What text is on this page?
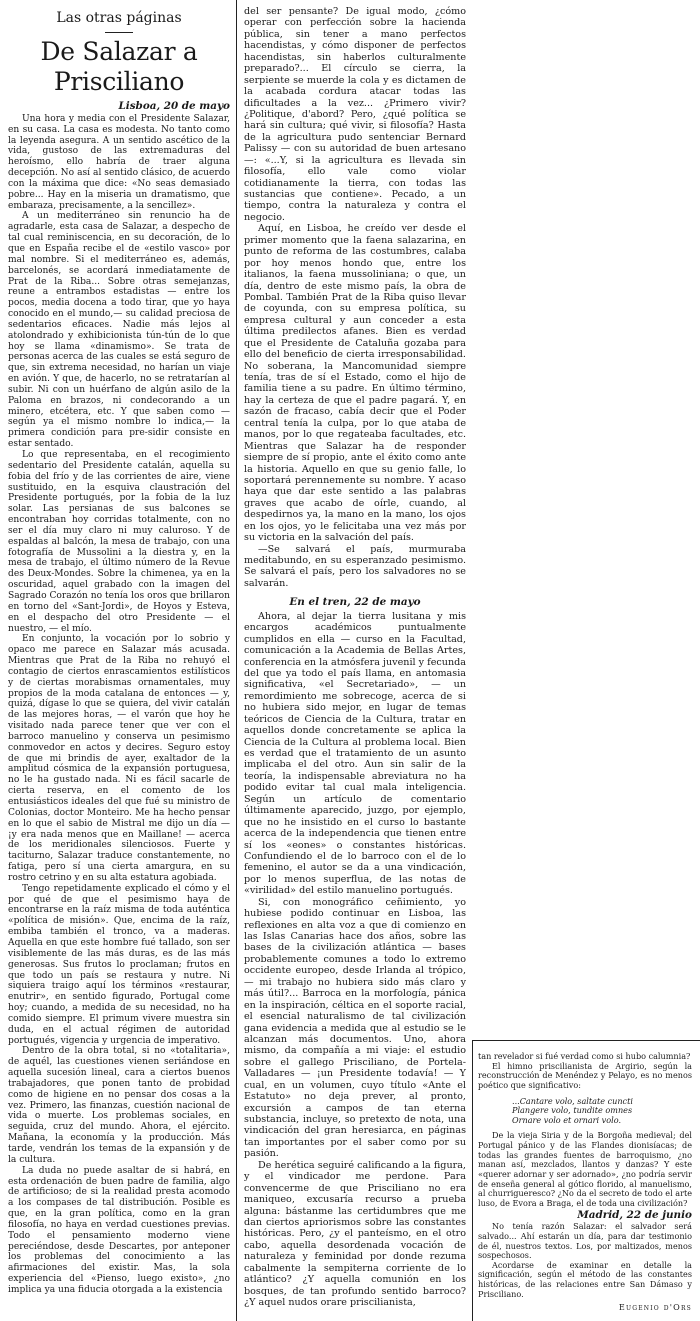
Las otras páginas
De Salazar a Prisciliano
Lisboa, 20 de mayo

Una hora y media con el Presidente Salazar, en su casa. La casa es modesta. No tanto como la leyenda asegura. A un sentido ascético de la vida, gustoso de las extremaduras del heroísmo, ello habría de traer alguna decepción. No así al sentido clásico, de acuerdo con la máxima que dice: «No seas demasiado pobre... Hay en la miseria un dramatismo, que embaraza, precisamente, a la sencillez».

A un mediterráneo sin renuncio ha de agradarle, esta casa de Salazar, a despecho de tal cual reminiscencia, en su decoración, de lo que en España recibe el de «estilo vasco» por mal nombre. Si el mediterráneo es, además, barcelonés, se acordará inmediatamente de Prat de la Riba... Sobre otras semejanzas, reune a entrambos estadistas — entre los pocos, media docena a todo tirar, que yo haya conocido en el mundo,— su calidad preciosa de sedentarios eficaces. Nadie más lejos al atolondrado y exhibicionista tún-tún de lo que hoy se llama «dinamismo». Se trata de personas acerca de las cuales se está seguro de que, sin extrema necesidad, no harían un viaje en avión. Y que, de hacerlo, no se retratarían al subir. Ni con un huérfano de algún asilo de la Paloma en brazos, ni condecorando a un minero, etcétera, etc. Y que saben como — según ya el mismo nombre lo indica,— la primera condición para pre-sidir consiste en estar sentado.

Lo que representaba, en el recogimiento sedentario del Presidente catalán, aquella su fobia del frío y de las corrientes de aire, viene sustituido, en la esquiva claustración del Presidente portugués, por la fobia de la luz solar. Las persianas de sus balcones se encontraban hoy corridas totalmente, con no ser el día muy claro ni muy caluroso. Y de espaldas al balcón, la mesa de trabajo, con una fotografía de Mussolini a la diestra y, en la mesa de trabajo, el último número de la Revue des Deux-Mondes. Sobre la chimenea, ya en la oscuridad, aquel grabado con la imagen del Sagrado Corazón no tenía los oros que brillaron en torno del «Sant-Jordi», de Hoyos y Esteva, en el despacho del otro Presidente — el nuestro, — el mío.

En conjunto, la vocación por lo sobrio y opaco me parece en Salazar más acusada. Mientras que Prat de la Riba no rehuyó el contagio de ciertos enrascamientos estilísticos y de ciertas morabismas ornamentales, muy propios de la moda catalana de entonces — y, quizá, dígase lo que se quiera, del vivir catalán de las mejores horas, — el varón que hoy he visitado nada parece tener que ver con el barroco manuelino y conserva un pesimismo conmovedor en actos y decires. Seguro estoy de que mi brindis de ayer, exaltador de la amplitud cósmica de la expansión portuguesa, no le ha gustado nada. Ni es fácil sacarle de cierta reserva, en el comento de los entusiásticos ideales del que fué su ministro de Colonias, doctor Monteiro. Me ha hecho pensar en lo que el sabio de Mistral me dijo un día — ¡y era nada menos que en Maillane! — acerca de los meridionales silenciosos. Fuerte y taciturno, Salazar traduce constantemente, no fatiga, pero sí una cierta amargura, en su rostro cetrino y en su alta estatura agobiada.

Tengo repetidamente explicado el cómo y el por qué de que el pesimismo haya de encontrarse en la raíz misma de toda auténtica «política de misión». Que, encima de la raíz, embiba también el tronco, va a maderas. Aquella en que este hombre fué tallado, son ser visiblemente de las más duras, es de las más generosas. Sus frutos lo proclaman; frutos en que todo un país se restaura y nutre. Ni siquiera traigo aquí los términos «restaurar, enutrir», en sentido figurado, Portugal come hoy; cuando, a medida de su necesidad, no ha comido siempre. El primum vivere muestra sin duda, en el actual régimen de autoridad portugués, vigencia y urgencia de imperativo.

Dentro de la obra total, si no «totalitaria», de aquél, las cuestiones vienen seriándose en aquella sucesión lineal, cara a ciertos buenos trabajadores, que ponen tanto de probidad como de higiene en no pensar dos cosas a la vez. Primero, las finanzas, cuestión nacional de vida o muerte. Los problemas sociales, en seguida, cruz del mundo. Ahora, el ejército. Mañana, la economía y la producción. Más tarde, vendrán los temas de la expansión y de la cultura.

La duda no puede asaltar de si habrá, en esta ordenación de buen padre de familia, algo de artificioso; de si la realidad presta acomodo a los compases de tal distribución. Posible es que, en la gran política, como en la gran filosofía, no haya en verdad cuestiones previas. Todo el pensamiento moderno viene pereciéndose, desde Descartes, por anteponer los problemas del conocimiento a las afirmaciones del existir. Mas, la sola experiencia del «Pienso, luego existo», ¿no implica ya una fiducia otorgada a la existencia

del ser pensante? De igual modo, ¿cómo operar con perfección sobre la hacienda pública, sin tener a mano perfectos hacendistas, y cómo disponer de perfectos hacendistas, sin haberlos culturalmente preparado?... El círculo se cierra, la serpiente se muerde la cola y es dictamen de la acabada cordura atacar todas las dificultades a la vez... ¿Primero vivir? ¿Politique, d'abord? Pero, ¿qué política se hará sin cultura; qué vivir, si filosofía? Hasta de la agricultura pudo sentenciar Bernard Palissy — con su autoridad de buen artesano—: «...Y, si la agricultura es llevada sin filosofía, ello vale como violar cotidianamente la tierra, con todas las sustancias que contiene». Pecado, a un tiempo, contra la naturaleza y contra el negocio.

Aquí, en Lisboa, he creído ver desde el primer momento que la faena salazarina, en punto de reforma de las costumbres, calaba por hoy menos hondo que, entre los italianos, la faena mussoliniana; o que, un día, dentro de este mismo país, la obra de Pombal. También Prat de la Riba quiso llevar de coyunda, con su empresa política, su empresa cultural y aun conceder a esta última predilectos afanes. Bien es verdad que el Presidente de Cataluña gozaba para ello del beneficio de cierta irresponsabilidad. No soberana, la Mancomunidad siempre tenía, tras de sí el Estado, como el hijo de familia tiene a su padre. En último término, hay la certeza de que el padre pagará. Y, en sazón de fracaso, cabía decir que el Poder central tenía la culpa, por lo que ataba de manos, por lo que regateaba facultades, etc. Mientras que Salazar ha de responder siempre de sí propio, ante el éxito como ante la historia. Aquello en que su genio falle, lo soportará perennemente su nombre. Y acaso haya que dar este sentido a las palabras graves que acabo de oírle, cuando, al despedirnos ya, la mano en la mano, los ojos en los ojos, yo le felicitaba una vez más por su victoria en la salvación del país.

—Se salvará el país, murmuraba meditabundo, en su esperanzado pesimismo. Se salvará el país, pero los salvadores no se salvarán.

En el tren, 22 de mayo

Ahora, al dejar la tierra lusitana y mis encargos académicos puntualmente cumplidos en ella — curso en la Facultad, comunicación a la Academia de Bellas Artes, conferencia en la atmósfera juvenil y fecunda del que ya todo el país llama, en antomasia significativa, «el Secretariado», — un remordimiento me sobrecoge, acerca de si no hubiera sido mejor, en lugar de temas teóricos de Ciencia de la Cultura, tratar en aquellos donde concretamente se aplica la Ciencia de la Cultura al problema local. Bien es verdad que el tratamiento de un asunto implicaba el del otro. Aun sin salir de la teoría, la indispensable abreviatura no ha podido evitar tal cual mala inteligencia. Según un artículo de comentario últimamente aparecido, juzgo, por ejemplo, que no he insistido en el curso lo bastante acerca de la independencia que tienen entre sí los «eones» o constantes históricas. Confundiendo el de lo barroco con el de lo femenino, el autor se da a una vindicación, por lo menos superflua, de las notas de «virilidad» del estilo manuelino portugués.

Si, con monográfico ceñimiento, yo hubiese podido continuar en Lisboa, las reflexiones en alta voz a que di comienzo en las Islas Canarias hace dos años, sobre las bases de la civilización atlántica — bases probablemente comunes a todo lo extremo occidente europeo, desde Irlanda al trópico, — mi trabajo no hubiera sido más claro y más útil?... Barroca en la morfología, pánica en la inspiración, céltica en el soporte racial, el esencial naturalismo de tal civilización gana evidencia a medida que al estudio se le alcanzan más documentos. Uno, ahora mismo, da compañía a mi viaje: el estudio sobre el gallego Prisciliano, de Portela-Valladares — ¡un Presidente todavía! — Y cual, en un volumen, cuyo título «Ante el Estatuto» no deja prever, al pronto, excursión a campos de tan eterna substancia, incluye, so pretexto de nota, una vindicación del gran heresiarca, en páginas tan importantes por el saber como por su pasión.

De herética seguiré calificando a la figura, y el vindicador me perdone. Para convencerme de que Prisciliano no era maniqueo, excusaría recurso a prueba alguna: bástanme las certidumbres que me dan ciertos apriorismos sobre las constantes históricas. Pero, ¿y el panteísmo, en el otro cabo, aquella desordenada vocación de naturaleza y feminidad por donde rezuma cabalmente la sempiterna corriente de lo atlántico? ¿Y aquella comunión en los bosques, de tan profundo sentido barroco? ¿Y aquel nudos orare priscilianista,

tan revelador si fué verdad como si hubo calumnia?

El himno priscilianista de Argirio, según la reconstrucción de Menéndez y Pelayo, es no menos poético que significativo:

...Cantare volo, saltate cuncti
Plangere volo, tundite omnes
Ornare volo et ornari volo.

De la vieja Siria y de la Borgoña medieval; del Portugal pánico y de las Flandes dionisíacas; de todas las grandes fuentes de barroquismo, ¿no manan así, mezclados, llantos y danzas? Y este «querer adornar y ser adornado», ¿no podría servir de enseña general al gótico florido, al manuelismo, al churrigueresco? ¿No da el secreto de todo el arte luso, de Evora a Braga, el de toda una civilización?

Madrid, 22 de junio

No tenía razón Salazar: el salvador será salvado... Ahí estarán un día, para dar testimonio de él, nuestros textos. Los, por maltizados, menos sospechosos.

Acordarse de examinar en detalle la significación, según el método de las constantes históricas, de las relaciones entre San Dámaso y Prisciliano.

Eugenio d'Ors
